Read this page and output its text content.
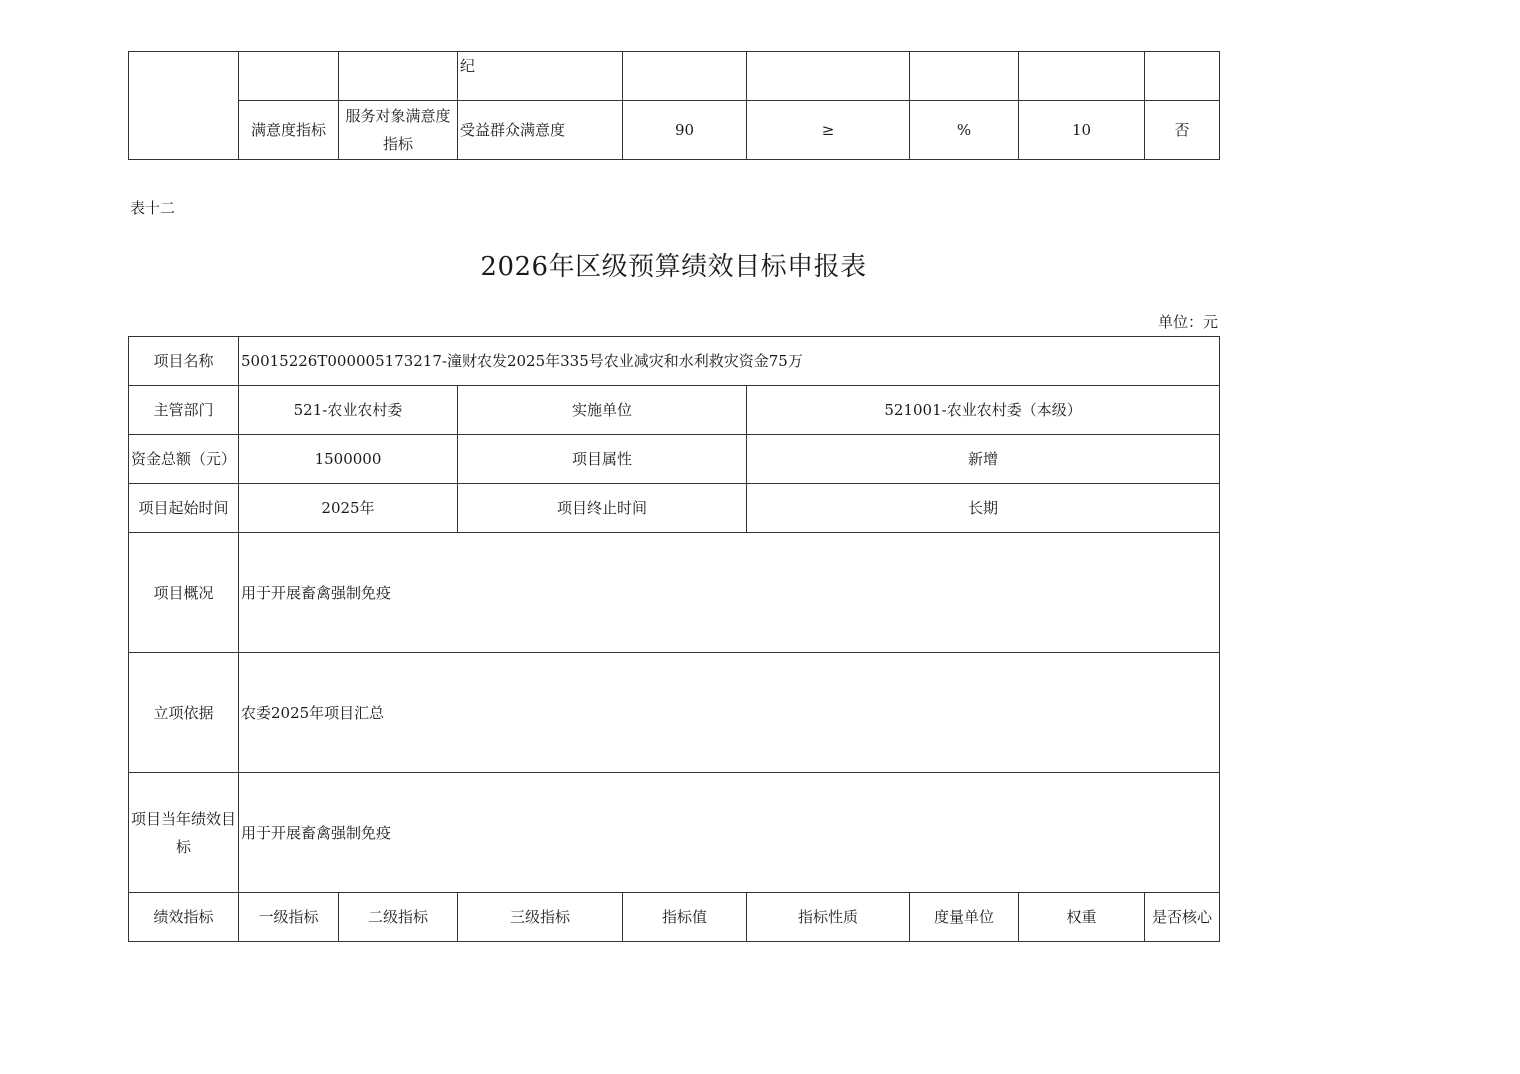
			纪					
	满意度指标	服务对象满意度指标	受益群众满意度	90	≥	%	10	否
表十二
2026年区级预算绩效目标申报表
单位：元
项目名称	50015226T000005173217-潼财农发2025年335号农业减灾和水利救灾资金75万							
主管部门	521-农业农村委		实施单位		521001-农业农村委（本级）			
资金总额（元）	1500000		项目属性		新增			
项目起始时间	2025年		项目终止时间		长期			
项目概况	用于开展畜禽强制免疫							
立项依据	农委2025年项目汇总							
项目当年绩效目标	用于开展畜禽强制免疫							
绩效指标	一级指标	二级指标	三级指标	指标值	指标性质	度量单位	权重	是否核心
